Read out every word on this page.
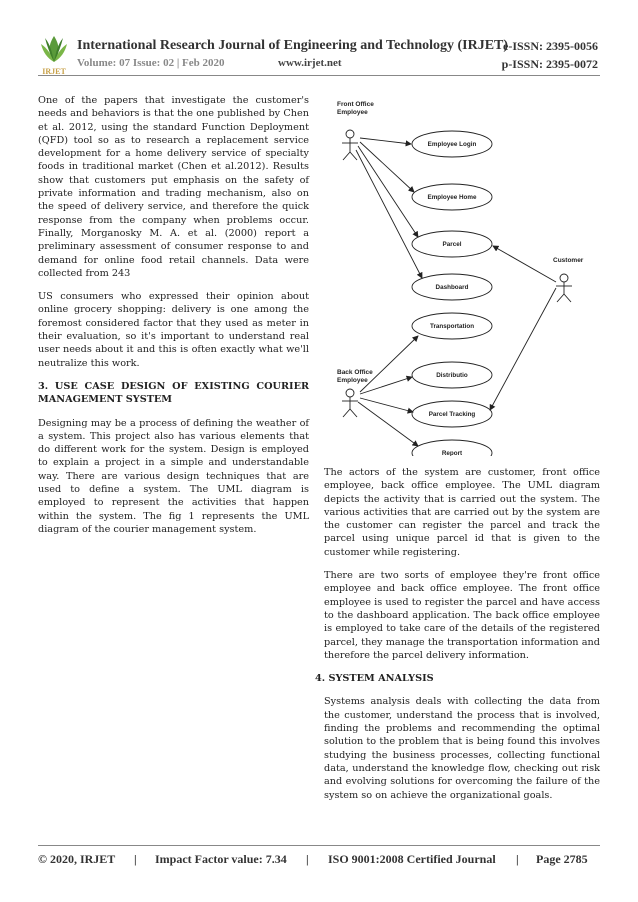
IRJET
International Research Journal of Engineering and Technology (IRJET)
e-ISSN: 2395-0056
Volume: 07 Issue: 02 | Feb 2020	www.irjet.net	p-ISSN: 2395-0072

One of the papers that investigate the customer's needs and behaviors is that the one published by Chen et al. 2012, using the standard Function Deployment (QFD) tool so as to research a replacement service development for a home delivery service of specialty foods in traditional market (Chen et al.2012). Results show that customers put emphasis on the safety of private information and trading mechanism, also on the speed of delivery service, and therefore the quick response from the company when problems occur. Finally, Morganosky M. A. et al. (2000) report a preliminary assessment of consumer response to and demand for online food retail channels. Data were collected from 243

US consumers who expressed their opinion about online grocery shopping: delivery is one among the foremost considered factor that they used as meter in their evaluation, so it's important to understand real user needs about it and this is often exactly what we'll neutralize this work.

3. USE CASE DESIGN OF EXISTING COURIER MANAGEMENT SYSTEM

Designing may be a process of defining the weather of a system. This project also has various elements that do different work for the system. Design is employed to explain a project in a simple and understandable way. There are various design techniques that are used to define a system. The UML diagram is employed to represent the activities that happen within the system. The fig 1 represents the UML diagram of the courier management system.

Front Office Employee
Back Office Employee
Customer
Employee Login
Employee Home
Parcel
Dashboard
Transportation
Distributio
Parcel Tracking
Report

The actors of the system are customer, front office employee, back office employee. The UML diagram depicts the activity that is carried out the system. The various activities that are carried out by the system are the customer can register the parcel and track the parcel using unique parcel id that is given to the customer while registering.

There are two sorts of employee they're front office employee and back office employee. The front office employee is used to register the parcel and have access to the dashboard application. The back office employee is employed to take care of the details of the registered parcel, they manage the transportation information and therefore the parcel delivery information.

4. SYSTEM ANALYSIS

Systems analysis deals with collecting the data from the customer, understand the process that is involved, finding the problems and recommending the optimal solution to the problem that is being found this involves studying the business processes, collecting functional data, understand the knowledge flow, checking out risk and evolving solutions for overcoming the failure of the system so on achieve the organizational goals.

© 2020, IRJET | Impact Factor value: 7.34 | ISO 9001:2008 Certified Journal | Page 2785
